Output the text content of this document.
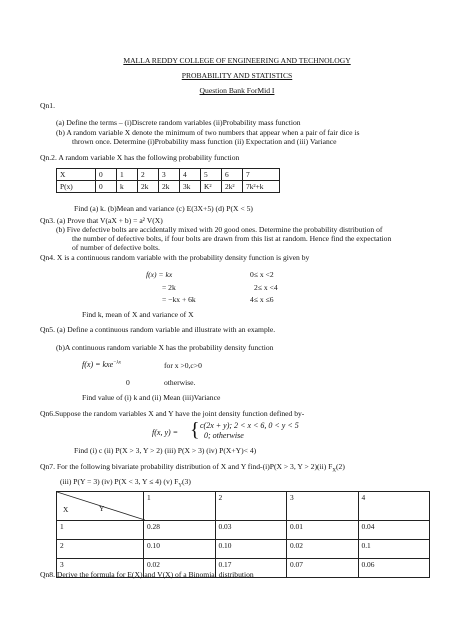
MALLA REDDY COLLEGE OF ENGINEERING AND TECHNOLOGY
PROBABILITY AND STATISTICS
Question Bank ForMid I
Qn1.
(a) Define the terms – (i)Discrete random variables (ii)Probability mass function
(b) A random variable X denote the minimum of two numbers that appear when a pair of fair dice is
thrown once. Determine (i)Probability mass function (ii) Expectation and (iii) Variance
Qn.2. A random variable X has the following probability function
X	0	1	2	3	4	5	6	7
P(x)	0	k	2k	2k	3k	K²	2k²	7k²+k
Find (a) k. (b)Mean and variance (c) E(3X+5) (d) P(X < 5)
Qn3. (a) Prove that V(aX + b) = a² V(X)
(b) Five defective bolts are accidentally mixed with 20 good ones. Determine the probability distribution of
the number of defective bolts, if four bolts are drawn from this list at random. Hence find the expectation
of number of defective bolts.
Qn4. X is a continuous random variable with the probability density function is given by
f(x) = kx	0≤ x <2
= 2k	2≤ x <4
= −kx + 6k	4≤ x ≤6
Find k, mean of X and variance of X
Qn5. (a) Define a continuous random variable and illustrate with an example.
(b)A continuous random variable X has the probability density function
f(x) = kxe$^{-\lambda x}$	for x >0,c>0
0	otherwise.
Find value of (i) k and (ii) Mean (iii)Variance
Qn6.Suppose the random variables X and Y have the joint density function defined by-
f(x, y) = { c(2x + y); 2 < x < 6, 0 < y < 5
0; otherwise
Find (i) c (ii) P(X > 3, Y > 2) (iii) P(X > 3) (iv) P(X+Y)< 4)
Qn7. For the following bivariate probability distribution of X and Y find-(i)P(X > 3, Y > 2)(ii) $F_X(2)$
(iii) P(Y = 3) (iv) P(X < 3, Y ≤ 4) (v) $F_Y(3)$
X Y	1	2	3	4
1	0.28	0.03	0.01	0.04
2	0.10	0.10	0.02	0.1
3	0.02	0.17	0.07	0.06
Qn8. Derive the formula for E(X) and V(X) of a Binomial distribution
